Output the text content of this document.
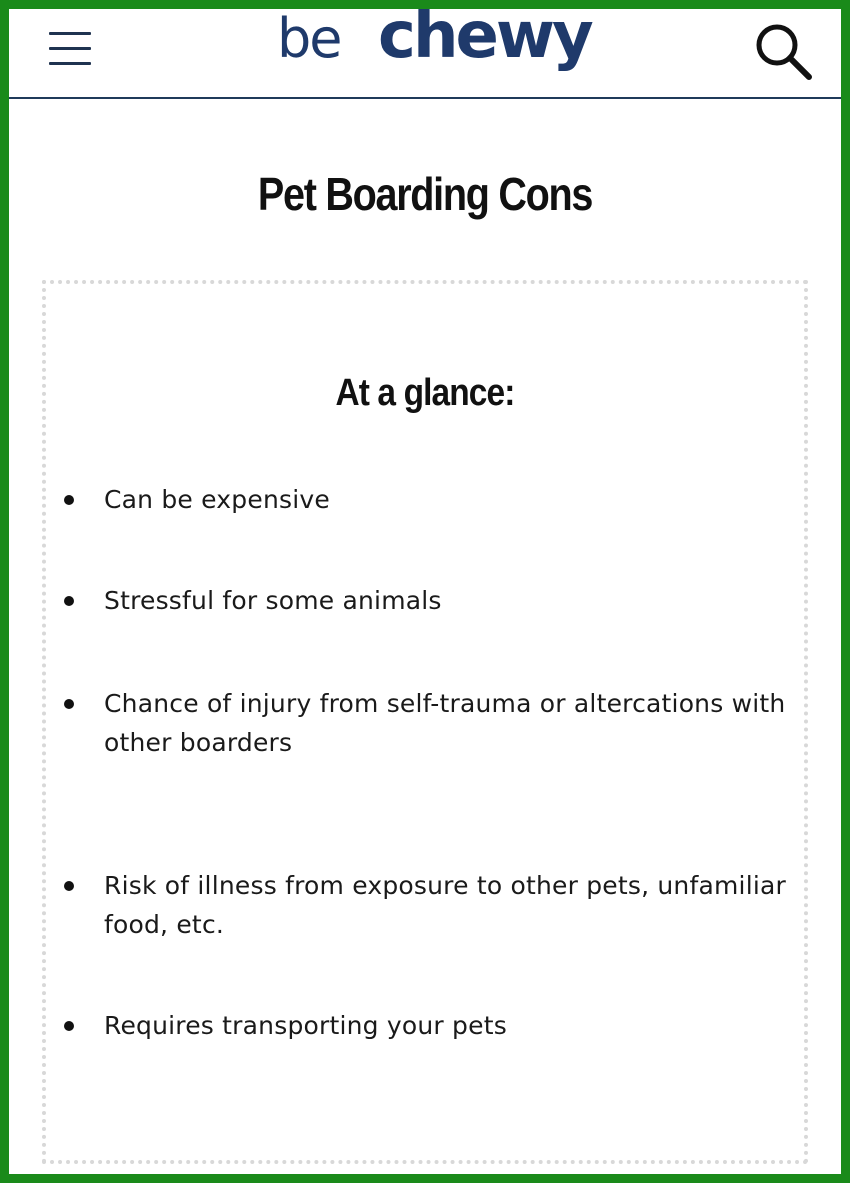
be chewy
Pet Boarding Cons
At a glance:
Can be expensive
Stressful for some animals
Chance of injury from self-trauma or altercations with other boarders
Risk of illness from exposure to other pets, unfamiliar food, etc.
Requires transporting your pets
